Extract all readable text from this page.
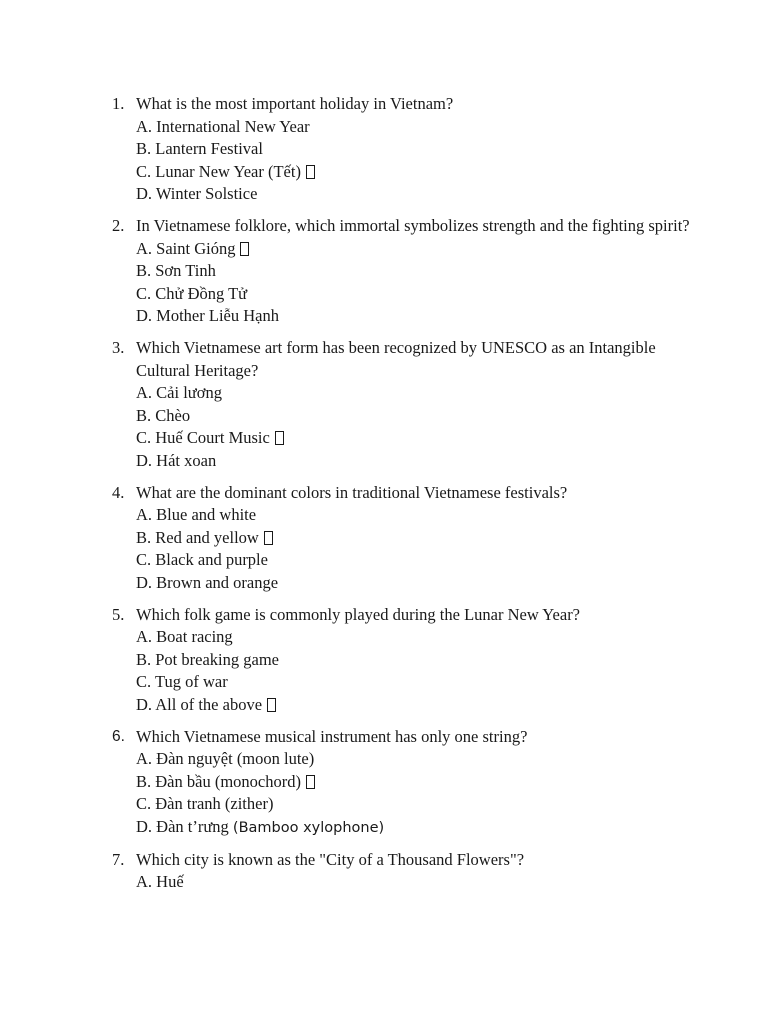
1. What is the most important holiday in Vietnam?
A. International New Year
B. Lantern Festival
C. Lunar New Year (Tết)
D. Winter Solstice
2. In Vietnamese folklore, which immortal symbolizes strength and the fighting spirit?
A. Saint Gióng
B. Sơn Tinh
C. Chử Đồng Tử
D. Mother Liễu Hạnh
3. Which Vietnamese art form has been recognized by UNESCO as an Intangible Cultural Heritage?
A. Cải lương
B. Chèo
C. Huế Court Music
D. Hát xoan
4. What are the dominant colors in traditional Vietnamese festivals?
A. Blue and white
B. Red and yellow
C. Black and purple
D. Brown and orange
5. Which folk game is commonly played during the Lunar New Year?
A. Boat racing
B. Pot breaking game
C. Tug of war
D. All of the above
6. Which Vietnamese musical instrument has only one string?
A. Đàn nguyệt (moon lute)
B. Đàn bầu (monochord)
C. Đàn tranh (zither)
D. Đàn t’rưng (Bamboo xylophone)
7. Which city is known as the "City of a Thousand Flowers"?
A. Huế
